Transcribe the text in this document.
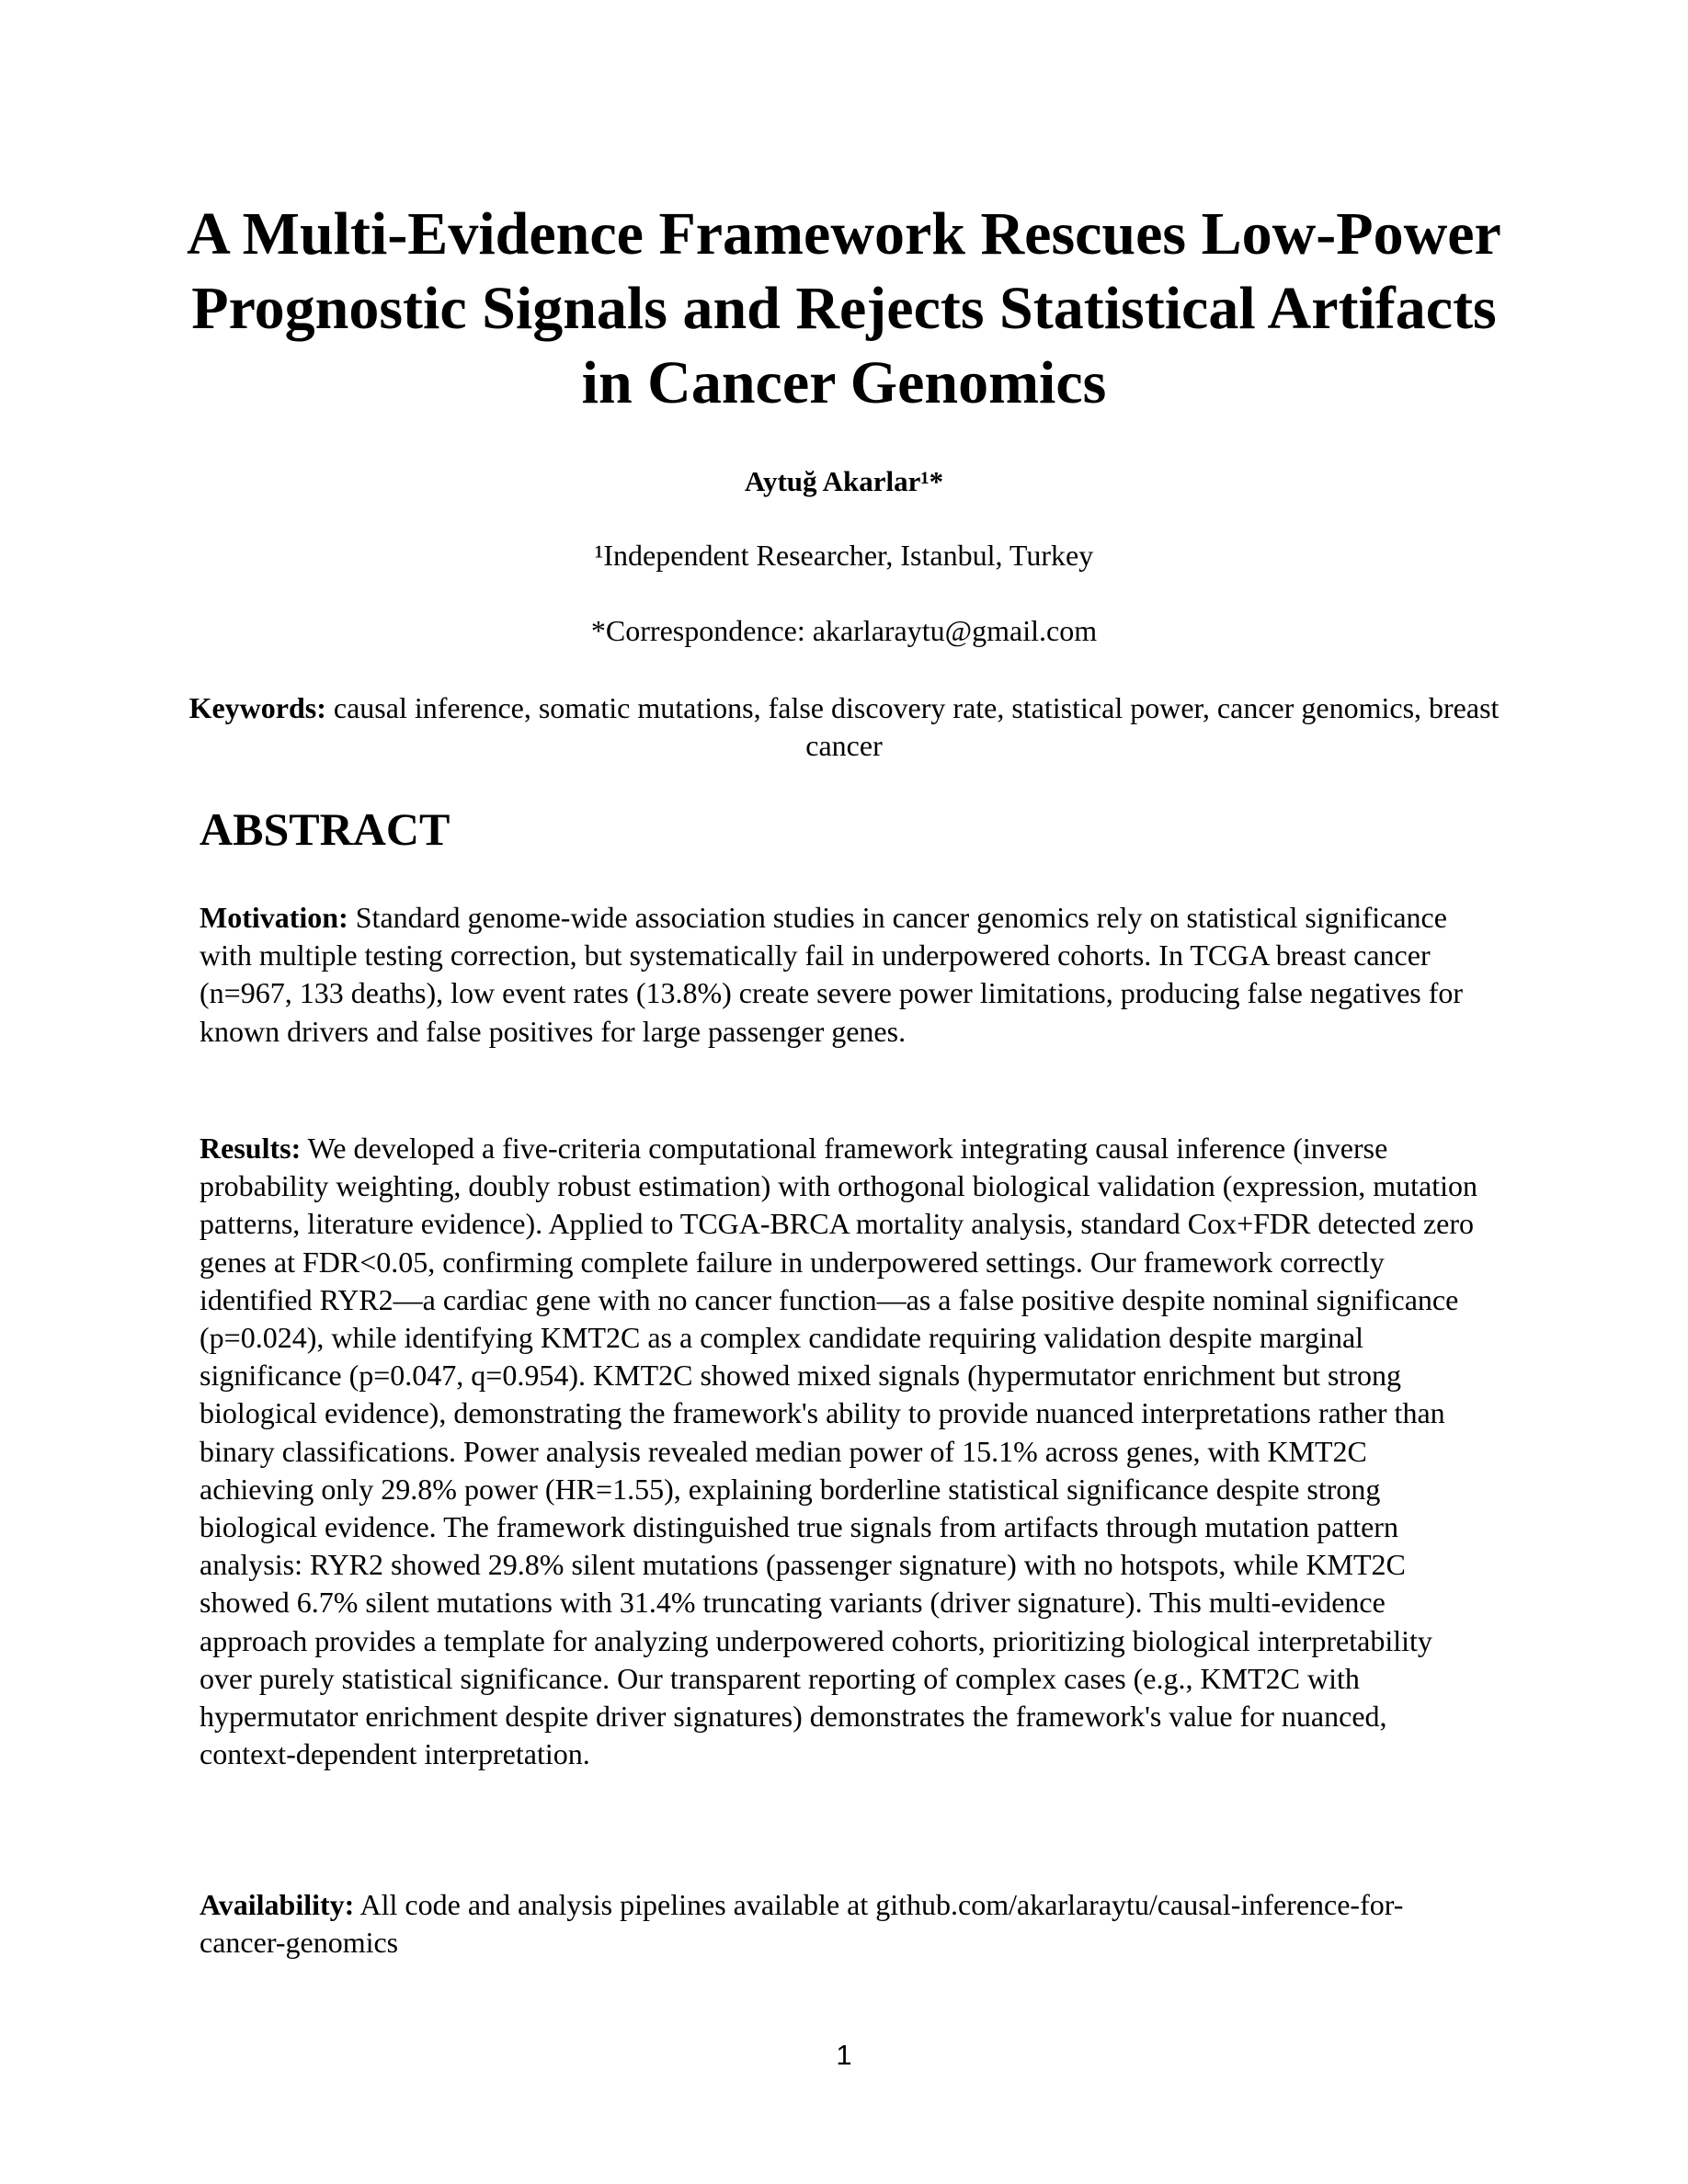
A Multi-Evidence Framework Rescues Low-Power Prognostic Signals and Rejects Statistical Artifacts in Cancer Genomics

Aytuğ Akarlar¹*

¹Independent Researcher, Istanbul, Turkey

*Correspondence: akarlaraytu@gmail.com

Keywords: causal inference, somatic mutations, false discovery rate, statistical power, cancer genomics, breast cancer

ABSTRACT

Motivation: Standard genome-wide association studies in cancer genomics rely on statistical significance with multiple testing correction, but systematically fail in underpowered cohorts. In TCGA breast cancer (n=967, 133 deaths), low event rates (13.8%) create severe power limitations, producing false negatives for known drivers and false positives for large passenger genes.

Results: We developed a five-criteria computational framework integrating causal inference (inverse probability weighting, doubly robust estimation) with orthogonal biological validation (expression, mutation patterns, literature evidence). Applied to TCGA-BRCA mortality analysis, standard Cox+FDR detected zero genes at FDR<0.05, confirming complete failure in underpowered settings. Our framework correctly identified RYR2—a cardiac gene with no cancer function—as a false positive despite nominal significance (p=0.024), while identifying KMT2C as a complex candidate requiring validation despite marginal significance (p=0.047, q=0.954). KMT2C showed mixed signals (hypermutator enrichment but strong biological evidence), demonstrating the framework's ability to provide nuanced interpretations rather than binary classifications. Power analysis revealed median power of 15.1% across genes, with KMT2C achieving only 29.8% power (HR=1.55), explaining borderline statistical significance despite strong biological evidence. The framework distinguished true signals from artifacts through mutation pattern analysis: RYR2 showed 29.8% silent mutations (passenger signature) with no hotspots, while KMT2C showed 6.7% silent mutations with 31.4% truncating variants (driver signature). This multi-evidence approach provides a template for analyzing underpowered cohorts, prioritizing biological interpretability over purely statistical significance. Our transparent reporting of complex cases (e.g., KMT2C with hypermutator enrichment despite driver signatures) demonstrates the framework's value for nuanced, context-dependent interpretation.

Availability: All code and analysis pipelines available at github.com/akarlaraytu/causal-inference-for-cancer-genomics

1
